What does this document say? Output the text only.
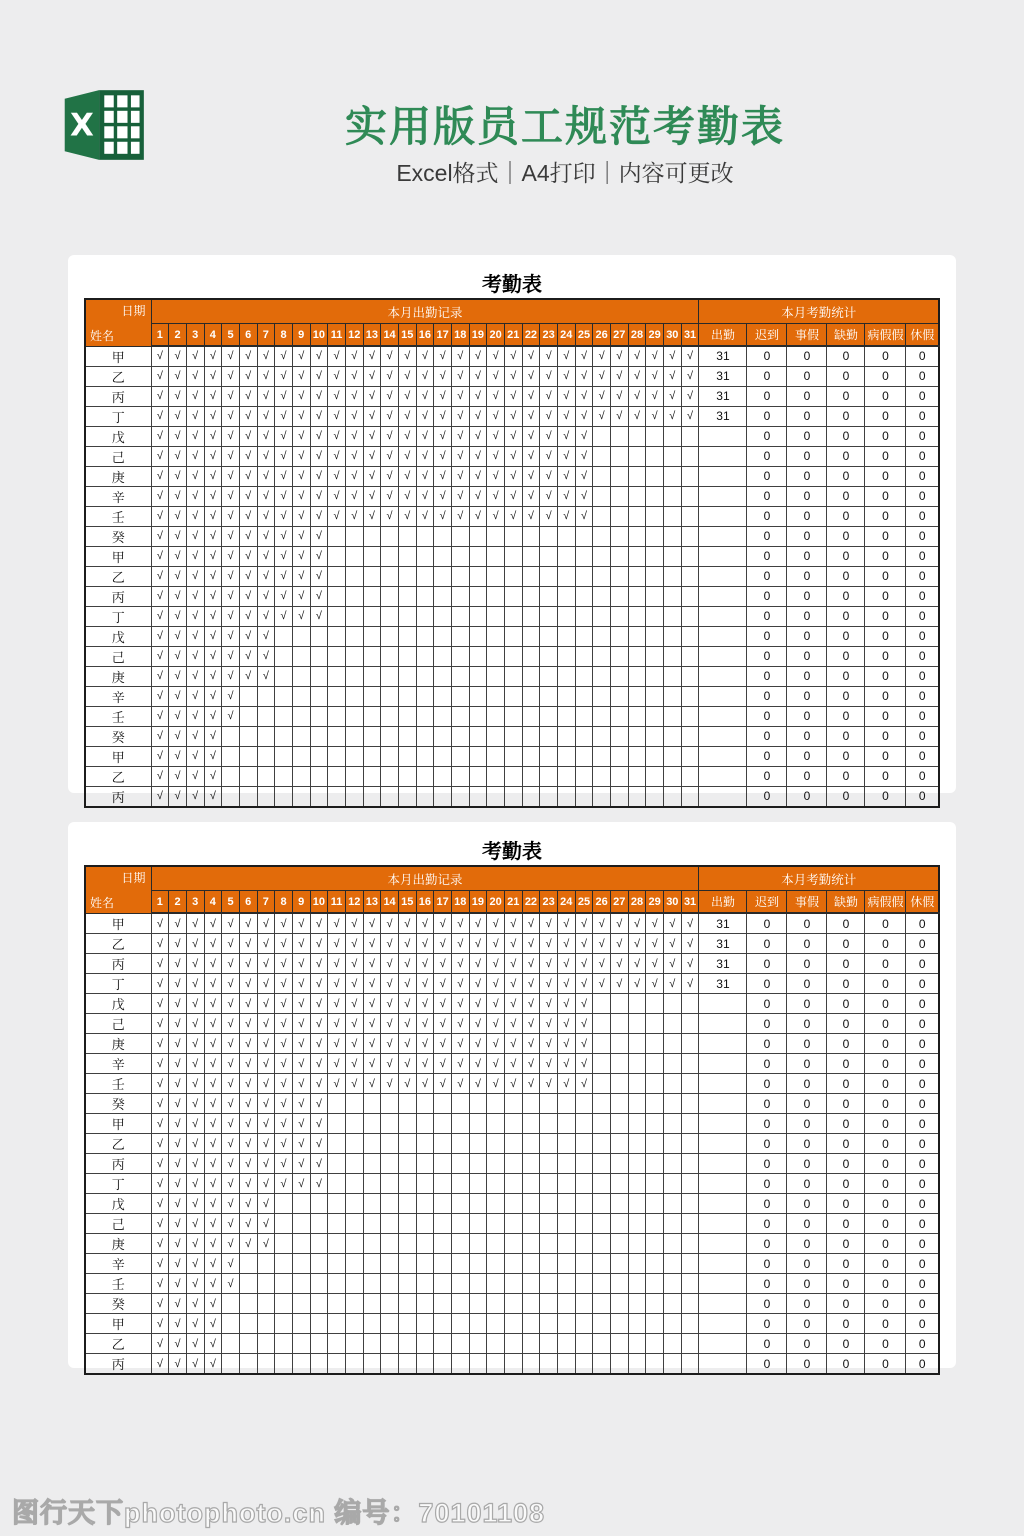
X	实用版员工规范考勤表
Excel格式｜A4打印｜内容可更改
考勤表
日期
姓名	本月出勤记录																															本月考勤统计					
	1	2	3	4	5	6	7	8	9	10	11	12	13	14	15	16	17	18	19	20	21	22	23	24	25	26	27	28	29	30	31	出勤	迟到	事假	缺勤	病假假	休假
甲	√	√	√	√	√	√	√	√	√	√	√	√	√	√	√	√	√	√	√	√	√	√	√	√	√	√	√	√	√	√	√	31	0	0	0	0	0
乙	√	√	√	√	√	√	√	√	√	√	√	√	√	√	√	√	√	√	√	√	√	√	√	√	√	√	√	√	√	√	√	31	0	0	0	0	0
丙	√	√	√	√	√	√	√	√	√	√	√	√	√	√	√	√	√	√	√	√	√	√	√	√	√	√	√	√	√	√	√	31	0	0	0	0	0
丁	√	√	√	√	√	√	√	√	√	√	√	√	√	√	√	√	√	√	√	√	√	√	√	√	√	√	√	√	√	√	√	31	0	0	0	0	0
戊	√	√	√	√	√	√	√	√	√	√	√	√	√	√	√	√	√	√	√	√	√	√	√	√	√								0	0	0	0	0
己	√	√	√	√	√	√	√	√	√	√	√	√	√	√	√	√	√	√	√	√	√	√	√	√	√								0	0	0	0	0
庚	√	√	√	√	√	√	√	√	√	√	√	√	√	√	√	√	√	√	√	√	√	√	√	√	√								0	0	0	0	0
辛	√	√	√	√	√	√	√	√	√	√	√	√	√	√	√	√	√	√	√	√	√	√	√	√	√								0	0	0	0	0
壬	√	√	√	√	√	√	√	√	√	√	√	√	√	√	√	√	√	√	√	√	√	√	√	√	√								0	0	0	0	0
癸	√	√	√	√	√	√	√	√	√	√																							0	0	0	0	0
甲	√	√	√	√	√	√	√	√	√	√																							0	0	0	0	0
乙	√	√	√	√	√	√	√	√	√	√																							0	0	0	0	0
丙	√	√	√	√	√	√	√	√	√	√																							0	0	0	0	0
丁	√	√	√	√	√	√	√	√	√	√																							0	0	0	0	0
戊	√	√	√	√	√	√	√																										0	0	0	0	0
己	√	√	√	√	√	√	√																										0	0	0	0	0
庚	√	√	√	√	√	√	√																										0	0	0	0	0
辛	√	√	√	√	√																												0	0	0	0	0
壬	√	√	√	√	√																												0	0	0	0	0
癸	√	√	√	√																													0	0	0	0	0
甲	√	√	√	√																													0	0	0	0	0
乙	√	√	√	√																													0	0	0	0	0
丙	√	√	√	√																													0	0	0	0	0
考勤表
日期
姓名	本月出勤记录																															本月考勤统计					
	1	2	3	4	5	6	7	8	9	10	11	12	13	14	15	16	17	18	19	20	21	22	23	24	25	26	27	28	29	30	31	出勤	迟到	事假	缺勤	病假假	休假
甲	√	√	√	√	√	√	√	√	√	√	√	√	√	√	√	√	√	√	√	√	√	√	√	√	√	√	√	√	√	√	√	31	0	0	0	0	0
乙	√	√	√	√	√	√	√	√	√	√	√	√	√	√	√	√	√	√	√	√	√	√	√	√	√	√	√	√	√	√	√	31	0	0	0	0	0
丙	√	√	√	√	√	√	√	√	√	√	√	√	√	√	√	√	√	√	√	√	√	√	√	√	√	√	√	√	√	√	√	31	0	0	0	0	0
丁	√	√	√	√	√	√	√	√	√	√	√	√	√	√	√	√	√	√	√	√	√	√	√	√	√	√	√	√	√	√	√	31	0	0	0	0	0
戊	√	√	√	√	√	√	√	√	√	√	√	√	√	√	√	√	√	√	√	√	√	√	√	√	√								0	0	0	0	0
己	√	√	√	√	√	√	√	√	√	√	√	√	√	√	√	√	√	√	√	√	√	√	√	√	√								0	0	0	0	0
庚	√	√	√	√	√	√	√	√	√	√	√	√	√	√	√	√	√	√	√	√	√	√	√	√	√								0	0	0	0	0
辛	√	√	√	√	√	√	√	√	√	√	√	√	√	√	√	√	√	√	√	√	√	√	√	√	√								0	0	0	0	0
壬	√	√	√	√	√	√	√	√	√	√	√	√	√	√	√	√	√	√	√	√	√	√	√	√	√								0	0	0	0	0
癸	√	√	√	√	√	√	√	√	√	√																							0	0	0	0	0
甲	√	√	√	√	√	√	√	√	√	√																							0	0	0	0	0
乙	√	√	√	√	√	√	√	√	√	√																							0	0	0	0	0
丙	√	√	√	√	√	√	√	√	√	√																							0	0	0	0	0
丁	√	√	√	√	√	√	√	√	√	√																							0	0	0	0	0
戊	√	√	√	√	√	√	√																										0	0	0	0	0
己	√	√	√	√	√	√	√																										0	0	0	0	0
庚	√	√	√	√	√	√	√																										0	0	0	0	0
辛	√	√	√	√	√																												0	0	0	0	0
壬	√	√	√	√	√																												0	0	0	0	0
癸	√	√	√	√																													0	0	0	0	0
甲	√	√	√	√																													0	0	0	0	0
乙	√	√	√	√																													0	0	0	0	0
丙	√	√	√	√																													0	0	0	0	0
图行天下photophoto.cn 编号：70101108
